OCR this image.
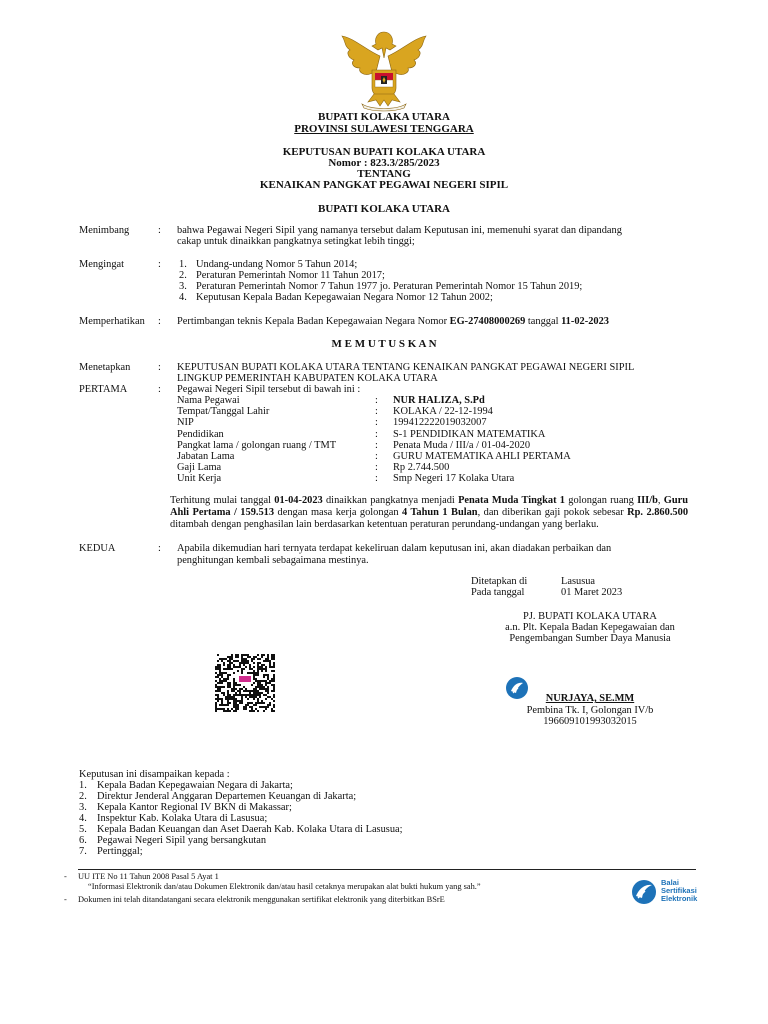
BUPATI KOLAKA UTARA
PROVINSI SULAWESI TENGGARA
KEPUTUSAN BUPATI KOLAKA UTARA
Nomor : 823.3/285/2023
TENTANG
KENAIKAN PANGKAT PEGAWAI NEGERI SIPIL
BUPATI KOLAKA UTARA
Menimbang	: bahwa Pegawai Negeri Sipil yang namanya tersebut dalam Keputusan ini, memenuhi syarat dan dipandang
cakap untuk dinaikkan pangkatnya setingkat lebih tinggi;
Mengingat	: 1. Undang-undang Nomor 5 Tahun 2014;
2. Peraturan Pemerintah Nomor 11 Tahun 2017;
3. Peraturan Pemerintah Nomor 7 Tahun 1977 jo. Peraturan Pemerintah Nomor 15 Tahun 2019;
4. Keputusan Kepala Badan Kepegawaian Negara Nomor 12 Tahun 2002;
Memperhatikan : Pertimbangan teknis Kepala Badan Kepegawaian Negara Nomor EG-27408000269 tanggal 11-02-2023
M E M U T U S K A N
Menetapkan	: KEPUTUSAN BUPATI KOLAKA UTARA TENTANG KENAIKAN PANGKAT PEGAWAI NEGERI SIPIL
LINGKUP PEMERINTAH KABUPATEN KOLAKA UTARA
PERTAMA	: Pegawai Negeri Sipil tersebut di bawah ini :
Nama Pegawai	: NUR HALIZA, S.Pd
Tempat/Tanggal Lahir	: KOLAKA / 22-12-1994
NIP	: 199412222019032007
Pendidikan	: S-1 PENDIDIKAN MATEMATIKA
Pangkat lama / golongan ruang / TMT	: Penata Muda / III/a / 01-04-2020
Jabatan Lama	: GURU MATEMATIKA AHLI PERTAMA
Gaji Lama	: Rp 2.744.500
Unit Kerja	: Smp Negeri 17 Kolaka Utara
Terhitung mulai tanggal 01-04-2023 dinaikkan pangkatnya menjadi Penata Muda Tingkat 1 golongan ruang III/b, Guru Ahli Pertama / 159.513 dengan masa kerja golongan 4 Tahun 1 Bulan, dan diberikan gaji pokok sebesar Rp. 2.860.500 ditambah dengan penghasilan lain berdasarkan ketentuan peraturan perundang-undangan yang berlaku.
KEDUA	: Apabila dikemudian hari ternyata terdapat kekeliruan dalam keputusan ini, akan diadakan perbaikan dan
penghitungan kembali sebagaimana mestinya.
Ditetapkan di	Lasusua
Pada tanggal	01 Maret 2023
PJ. BUPATI KOLAKA UTARA
a.n. Plt. Kepala Badan Kepegawaian dan
Pengembangan Sumber Daya Manusia
NURJAYA, SE.MM
Pembina Tk. I, Golongan IV/b
196609101993032015
Keputusan ini disampaikan kepada :
1. Kepala Badan Kepegawaian Negara di Jakarta;
2. Direktur Jenderal Anggaran Departemen Keuangan di Jakarta;
3. Kepala Kantor Regional IV BKN di Makassar;
4. Inspektur Kab. Kolaka Utara di Lasusua;
5. Kepala Badan Keuangan dan Aset Daerah Kab. Kolaka Utara di Lasusua;
6. Pegawai Negeri Sipil yang bersangkutan
7. Pertinggal;
- UU ITE No 11 Tahun 2008 Pasal 5 Ayat 1
“Informasi Elektronik dan/atau Dokumen Elektronik dan/atau hasil cetaknya merupakan alat bukti hukum yang sah.”
- Dokumen ini telah ditandatangani secara elektronik menggunakan sertifikat elektronik yang diterbitkan BSrE
Balai
Sertifikasi
Elektronik
